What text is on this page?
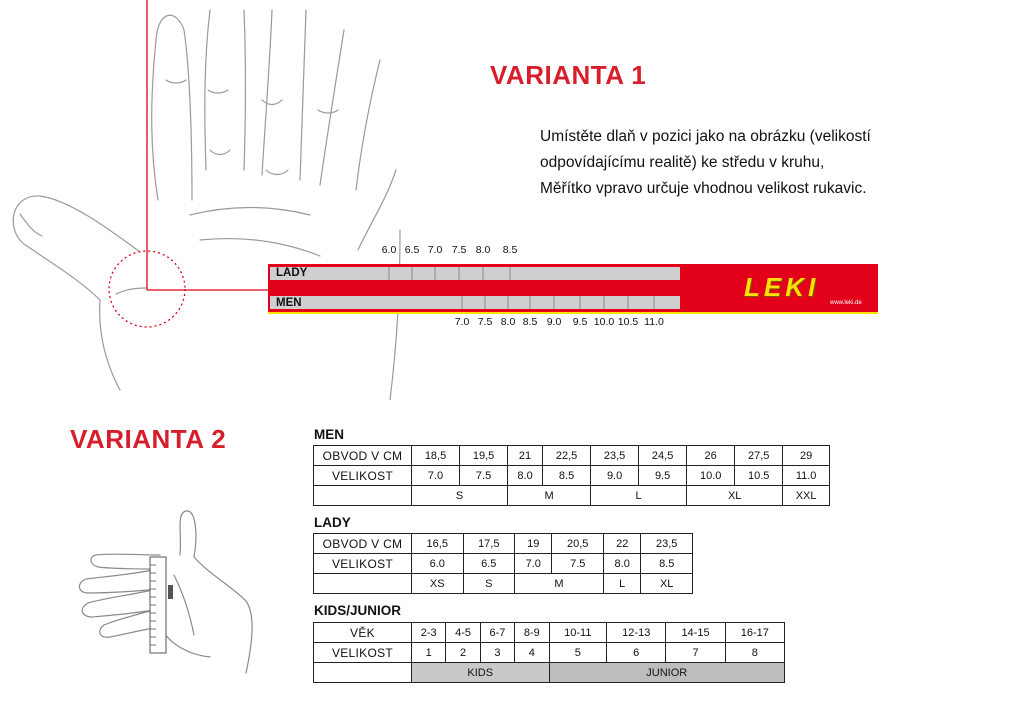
VARIANTA 1
Umístěte dlaň v pozici jako na obrázku (velikostí
odpovídajícímu realitě) ke středu v kruhu,
Měřítko vpravo určuje vhodnou velikost rukavic.
6.0 6.5 7.0 7.5 8.0 8.5
LADY
MEN
LEKI
www.leki.de
7.0 7.5 8.0 8.5 9.0 9.5 10.0 10.5 11.0
VARIANTA 2	MEN
OBVOD V CM	18,5	19,5	21	22,5	23,5	24,5	26	27,5	29
VELIKOST	7.0	7.5	8.0	8.5	9.0	9.5	10.0	10.5	11.0
	S		M		L		XL		XXL
LADY
OBVOD V CM	16,5	17,5	19	20,5	22	23,5
VELIKOST	6.0	6.5	7.0	7.5	8.0	8.5
	XS	S	M		L	XL
KIDS/JUNIOR
VĚK	2-3	4-5	6-7	8-9	10-11	12-13	14-15	16-17
VELIKOST	1	2	3	4	5	6	7	8
	KIDS				JUNIOR			
